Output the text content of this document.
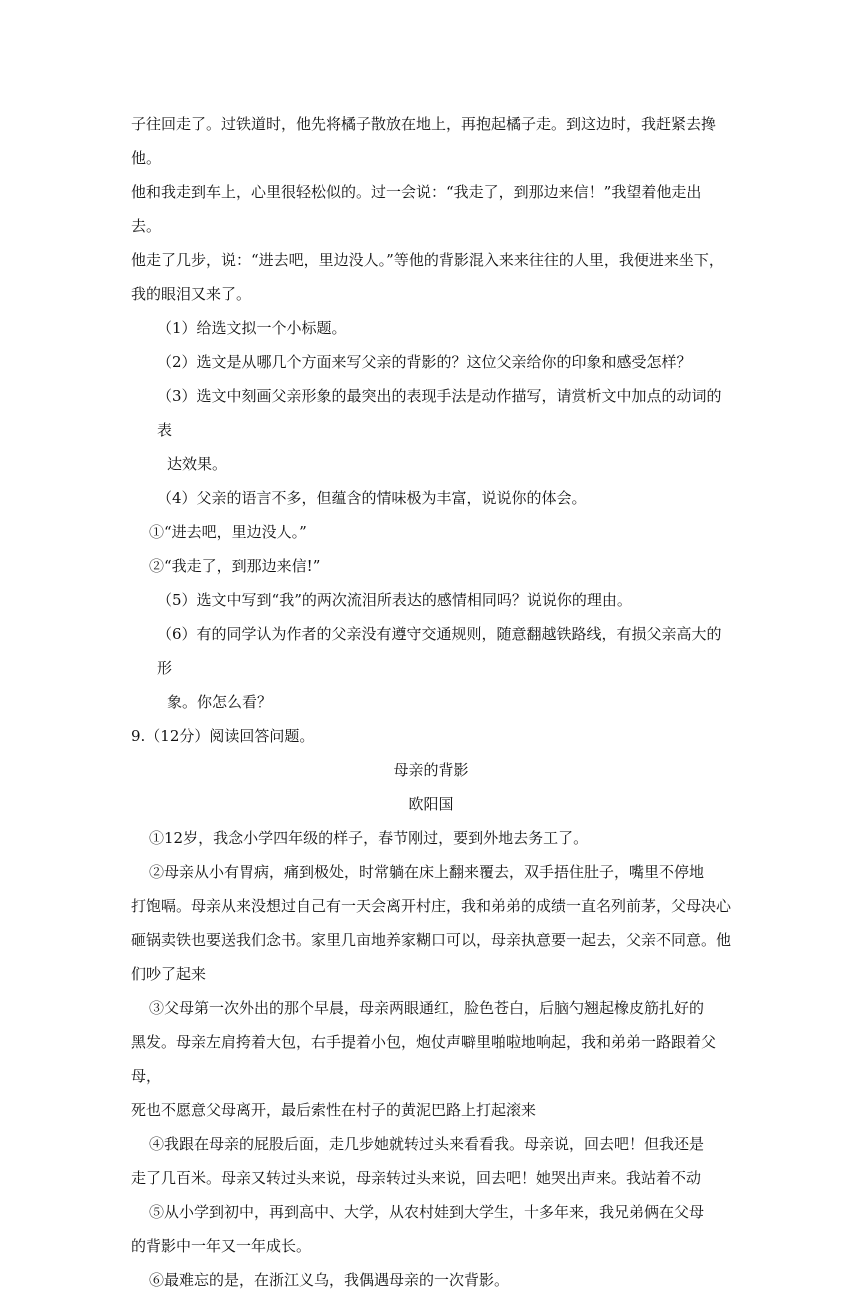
子往回走了。过铁道时，他先将橘子散放在地上，再抱起橘子走。到这边时，我赶紧去搀他。

他和我走到车上，心里很轻松似的。过一会说：“我走了，到那边来信！”我望着他走出去。

他走了几步，说：“进去吧，里边没人。”等他的背影混入来来往往的人里，我便进来坐下，

我的眼泪又来了。

（1）给选文拟一个小标题。

（2）选文是从哪几个方面来写父亲的背影的？这位父亲给你的印象和感受怎样？

（3）选文中刻画父亲形象的最突出的表现手法是动作描写，请赏析文中加点的动词的表

达效果。

（4）父亲的语言不多，但蕴含的情味极为丰富，说说你的体会。

①“进去吧，里边没人。”

②“我走了，到那边来信!”

（5）选文中写到“我”的两次流泪所表达的感情相同吗？说说你的理由。

（6）有的同学认为作者的父亲没有遵守交通规则，随意翻越铁路线，有损父亲高大的形

象。你怎么看？

9.（12分）阅读回答问题。

母亲的背影

欧阳国

①12岁，我念小学四年级的样子，春节刚过，要到外地去务工了。

②母亲从小有胃病，痛到极处，时常躺在床上翻来覆去，双手捂住肚子，嘴里不停地

打饱嗝。母亲从来没想过自己有一天会离开村庄，我和弟弟的成绩一直名列前茅，父母决心

砸锅卖铁也要送我们念书。家里几亩地养家糊口可以，母亲执意要一起去，父亲不同意。他

们吵了起来

③父母第一次外出的那个早晨，母亲两眼通红，脸色苍白，后脑勺翘起橡皮筋扎好的

黑发。母亲左肩挎着大包，右手提着小包，炮仗声噼里啪啦地响起，我和弟弟一路跟着父母，

死也不愿意父母离开，最后索性在村子的黄泥巴路上打起滚来

④我跟在母亲的屁股后面，走几步她就转过头来看看我。母亲说，回去吧！但我还是

走了几百米。母亲又转过头来说，母亲转过头来说，回去吧！她哭出声来。我站着不动

⑤从小学到初中，再到高中、大学，从农村娃到大学生，十多年来，我兄弟俩在父母

的背影中一年又一年成长。

⑥最难忘的是，在浙江义乌，我偶遇母亲的一次背影。
